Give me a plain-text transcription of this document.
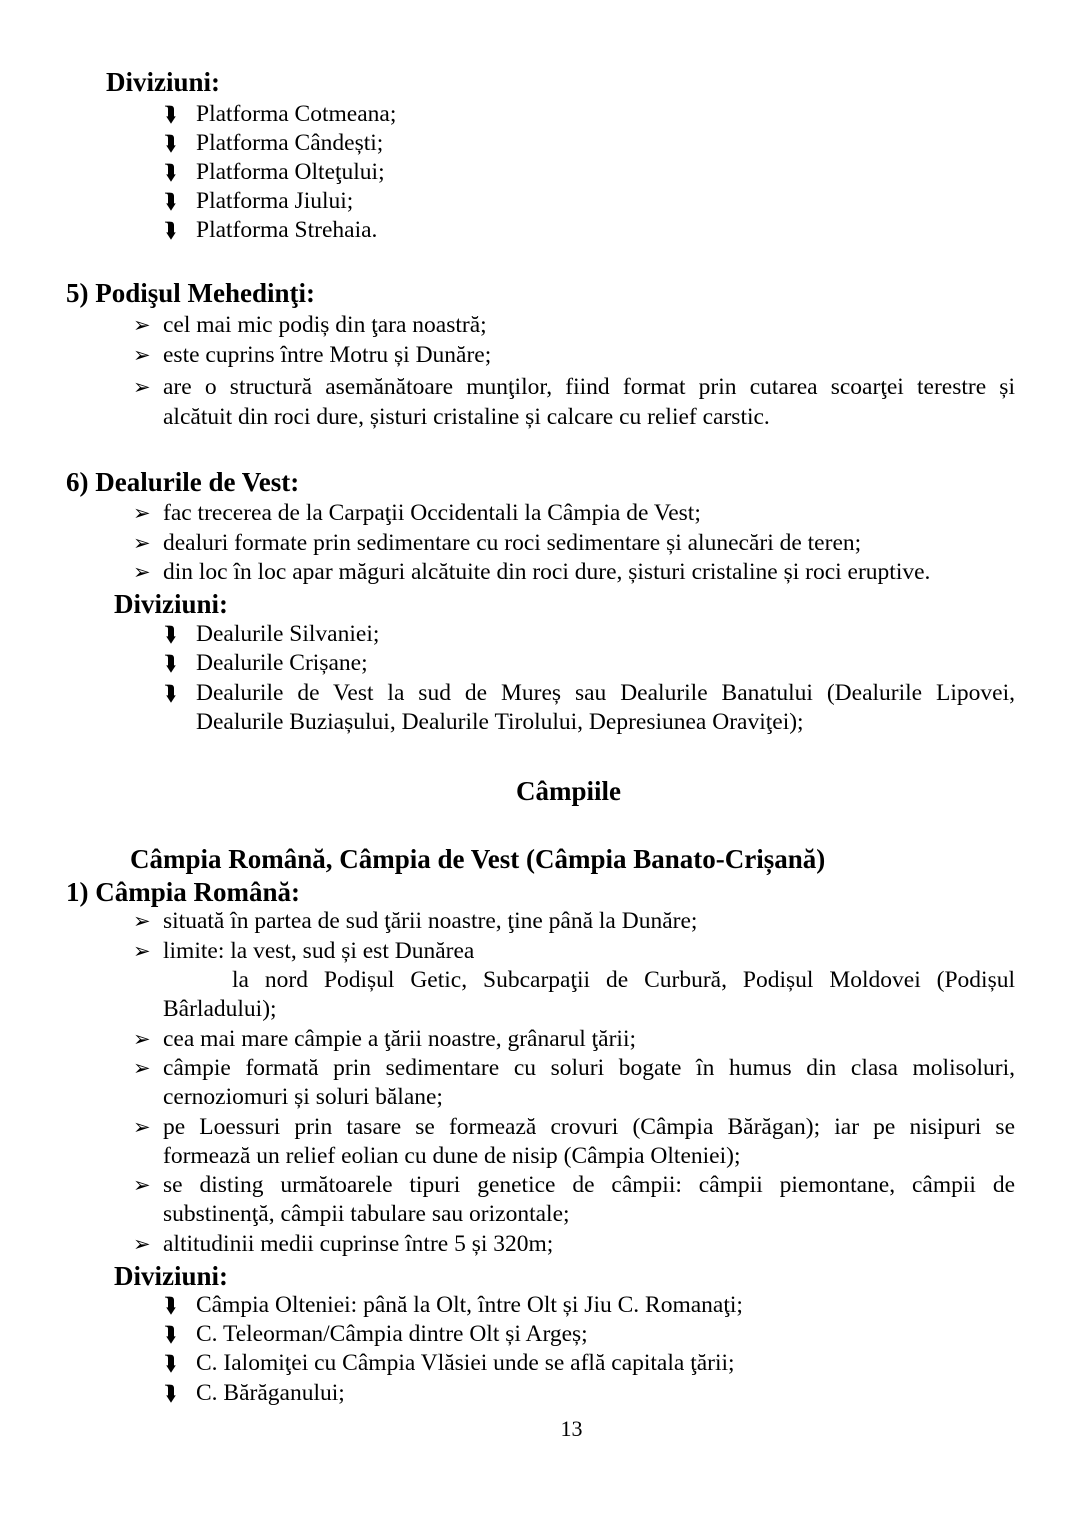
Diviziuni:
⮯ Platforma Cotmeana;
⮯ Platforma Cândești;
⮯ Platforma Olteţului;
⮯ Platforma Jiului;
⮯ Platforma Strehaia.
5) Podişul Mehedinţi:
➢ cel mai mic podiș din ţara noastră;
➢ este cuprins între Motru și Dunăre;
➢ are o structură asemănătoare munţilor, fiind format prin cutarea scoarţei terestre și
alcătuit din roci dure, șisturi cristaline și calcare cu relief carstic.
6) Dealurile de Vest:
➢ fac trecerea de la Carpaţii Occidentali la Câmpia de Vest;
➢ dealuri formate prin sedimentare cu roci sedimentare și alunecări de teren;
➢ din loc în loc apar măguri alcătuite din roci dure, șisturi cristaline și roci eruptive.
Diviziuni:
⮯ Dealurile Silvaniei;
⮯ Dealurile Crișane;
⮯ Dealurile de Vest la sud de Mureș sau Dealurile Banatului (Dealurile Lipovei,
Dealurile Buziașului, Dealurile Tirolului, Depresiunea Oraviţei);
Câmpiile
Câmpia Română, Câmpia de Vest (Câmpia Banato-Crișană)
1) Câmpia Română:
➢ situată în partea de sud ţării noastre, ţine până la Dunăre;
➢ limite: la vest, sud și est Dunărea
la nord Podișul Getic, Subcarpaţii de Curbură, Podișul Moldovei (Podișul
Bârladului);
➢ cea mai mare câmpie a ţării noastre, grânarul ţării;
➢ câmpie formată prin sedimentare cu soluri bogate în humus din clasa molisoluri,
cernoziomuri și soluri bălane;
➢ pe Loessuri prin tasare se formează crovuri (Câmpia Bărăgan); iar pe nisipuri se
formează un relief eolian cu dune de nisip (Câmpia Olteniei);
➢ se disting următoarele tipuri genetice de câmpii: câmpii piemontane, câmpii de
substinenţă, câmpii tabulare sau orizontale;
➢ altitudinii medii cuprinse între 5 și 320m;
Diviziuni:
⮯ Câmpia Olteniei: până la Olt, între Olt și Jiu C. Romanaţi;
⮯ C. Teleorman/Câmpia dintre Olt și Argeș;
⮯ C. Ialomiţei cu Câmpia Vlăsiei unde se află capitala ţării;
⮯ C. Bărăganului;
13
